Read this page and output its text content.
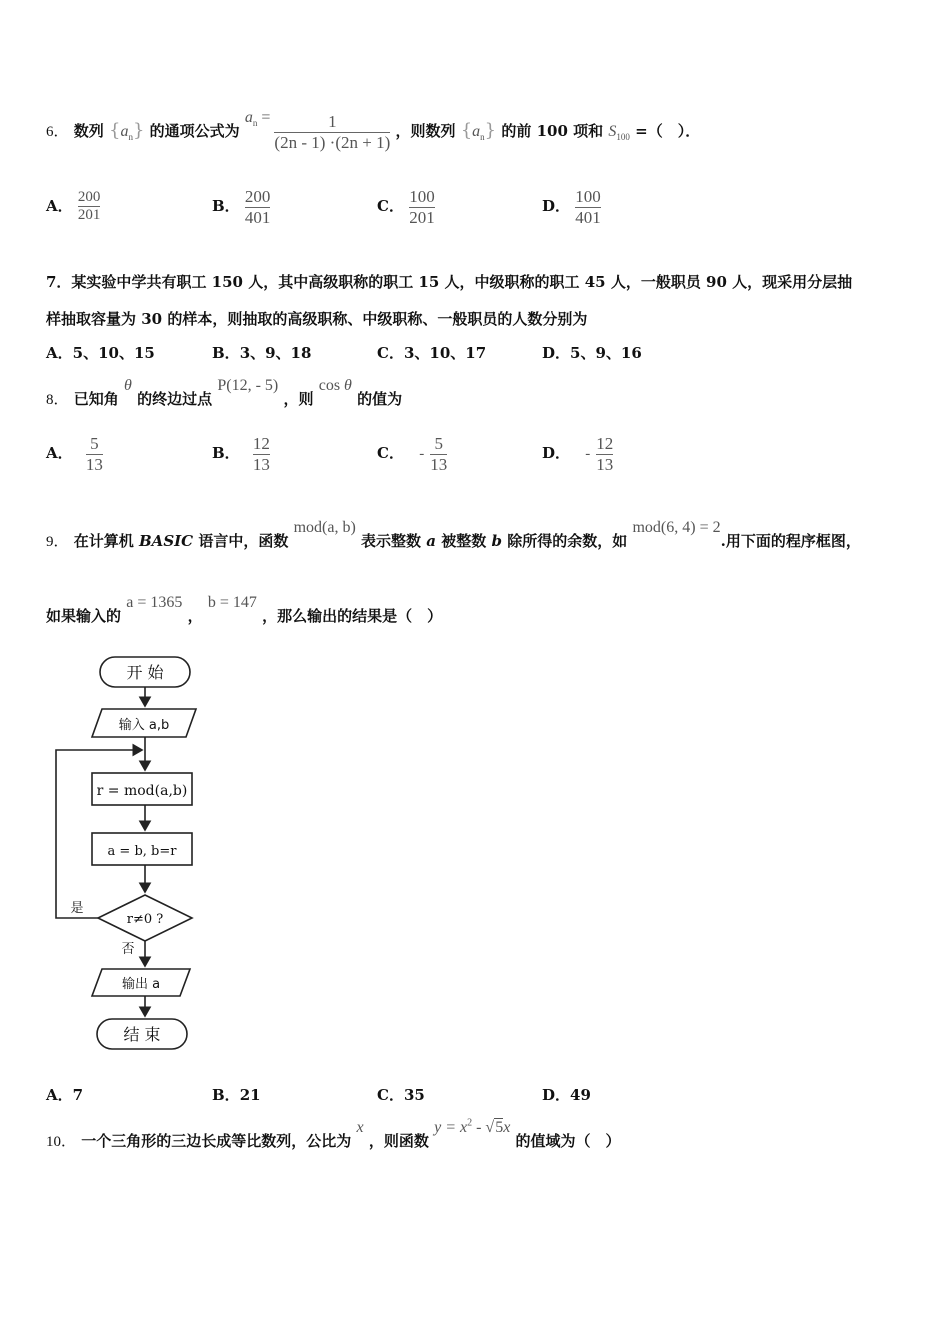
6． 数列 $\{a_n\}$ 的通项公式为 $a_n = \frac{1}{(2n - 1) \cdot(2n + 1)}$ ，则数列 $\{a_n\}$ 的前 100 项和 $S_{100}$ =（　）．
A． $\frac{200}{201}$	B． $\frac{200}{401}$	C． $\frac{100}{201}$	D． $\frac{100}{401}$
7．某实验中学共有职工 150 人，其中高级职称的职工 15 人，中级职称的职工 45 人，一般职员 90 人，现采用分层抽
样抽取容量为 30 的样本，则抽取的高级职称、中级职称、一般职员的人数分别为
A．5、10、15	B．3、9、18	C．3、10、17	D．5、9、16
8． 已知角 θ 的终边过点 P(12, - 5) ，则 cos θ 的值为
A． $\frac{5}{13}$	B． $\frac{12}{13}$	C． - $\frac{5}{13}$	D． - $\frac{12}{13}$
9． 在计算机 BASIC 语言中，函数 mod(a, b) 表示整数 a 被整数 b 除所得的余数，如 mod(6, 4) = 2.用下面的程序框图，
如果输入的 a = 1365 ， b = 147 ，那么输出的结果是（　）
开 始
输入 a,b
r = mod(a,b)
a = b, b=r
r≠0 ?
是
否
输出 a
结 束
A．7	B．21	C．35	D．49
10． 一个三角形的三边长成等比数列，公比为 x ，则函数 $y = x^2 - √5x$ 的值域为（　）
